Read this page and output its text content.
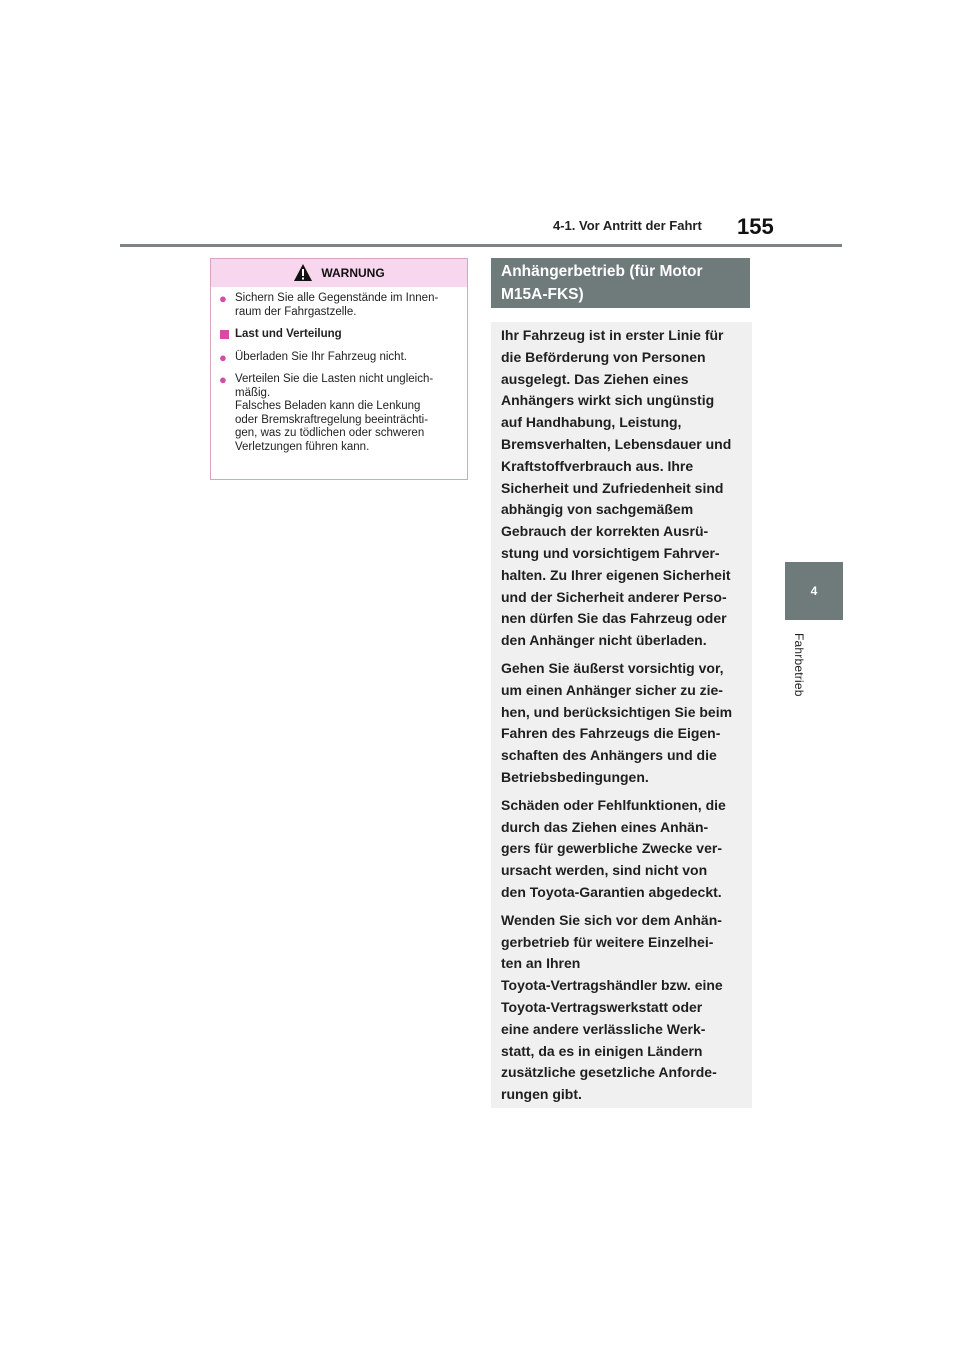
4-1. Vor Antritt der Fahrt 155
4
Fahrbetrieb
WARNUNG
● Sichern Sie alle Gegenstände im Innen-
raum der Fahrgastzelle.
Last und Verteilung
● Überladen Sie Ihr Fahrzeug nicht.
● Verteilen Sie die Lasten nicht ungleich-
mäßig.
Falsches Beladen kann die Lenkung
oder Bremskraftregelung beeinträchti-
gen, was zu tödlichen oder schweren
Verletzungen führen kann.
Anhängerbetrieb (für Motor
M15A-FKS)
Ihr Fahrzeug ist in erster Linie für
die Beförderung von Personen
ausgelegt. Das Ziehen eines
Anhängers wirkt sich ungünstig
auf Handhabung, Leistung,
Bremsverhalten, Lebensdauer und
Kraftstoffverbrauch aus. Ihre
Sicherheit und Zufriedenheit sind
abhängig von sachgemäßem
Gebrauch der korrekten Ausrü-
stung und vorsichtigem Fahrver-
halten. Zu Ihrer eigenen Sicherheit
und der Sicherheit anderer Perso-
nen dürfen Sie das Fahrzeug oder
den Anhänger nicht überladen.
Gehen Sie äußerst vorsichtig vor,
um einen Anhänger sicher zu zie-
hen, und berücksichtigen Sie beim
Fahren des Fahrzeugs die Eigen-
schaften des Anhängers und die
Betriebsbedingungen.
Schäden oder Fehlfunktionen, die
durch das Ziehen eines Anhän-
gers für gewerbliche Zwecke ver-
ursacht werden, sind nicht von
den Toyota-Garantien abgedeckt.
Wenden Sie sich vor dem Anhän-
gerbetrieb für weitere Einzelhei-
ten an Ihren
Toyota-Vertragshändler bzw. eine
Toyota-Vertragswerkstatt oder
eine andere verlässliche Werk-
statt, da es in einigen Ländern
zusätzliche gesetzliche Anforde-
rungen gibt.
